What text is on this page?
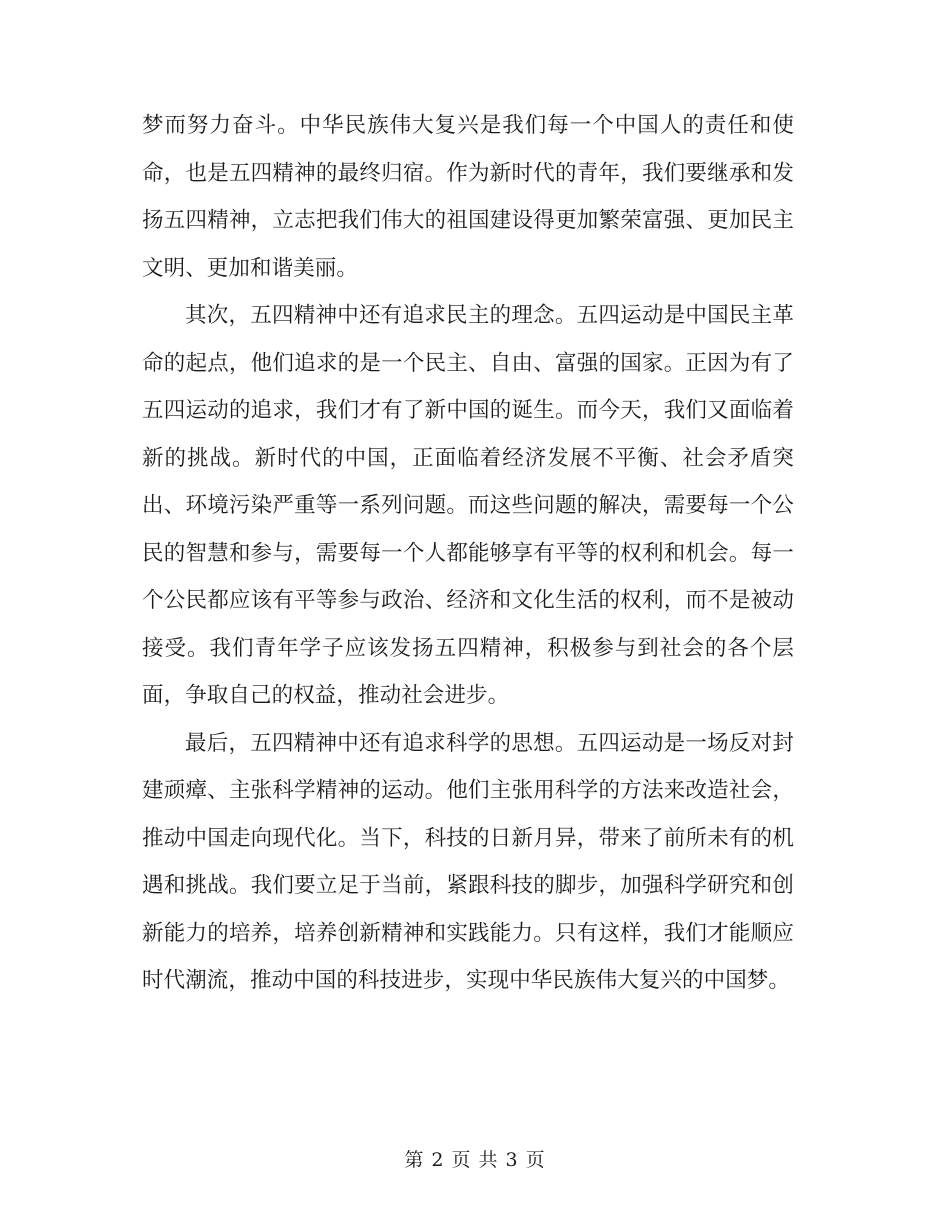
梦而努力奋斗。中华民族伟大复兴是我们每一个中国人的责任和使命，也是五四精神的最终归宿。作为新时代的青年，我们要继承和发扬五四精神，立志把我们伟大的祖国建设得更加繁荣富强、更加民主文明、更加和谐美丽。

其次，五四精神中还有追求民主的理念。五四运动是中国民主革命的起点，他们追求的是一个民主、自由、富强的国家。正因为有了五四运动的追求，我们才有了新中国的诞生。而今天，我们又面临着新的挑战。新时代的中国，正面临着经济发展不平衡、社会矛盾突出、环境污染严重等一系列问题。而这些问题的解决，需要每一个公民的智慧和参与，需要每一个人都能够享有平等的权利和机会。每一个公民都应该有平等参与政治、经济和文化生活的权利，而不是被动接受。我们青年学子应该发扬五四精神，积极参与到社会的各个层面，争取自己的权益，推动社会进步。

最后，五四精神中还有追求科学的思想。五四运动是一场反对封建顽瘴、主张科学精神的运动。他们主张用科学的方法来改造社会，推动中国走向现代化。当下，科技的日新月异，带来了前所未有的机遇和挑战。我们要立足于当前，紧跟科技的脚步，加强科学研究和创新能力的培养，培养创新精神和实践能力。只有这样，我们才能顺应时代潮流，推动中国的科技进步，实现中华民族伟大复兴的中国梦。

第 2 页 共 3 页
